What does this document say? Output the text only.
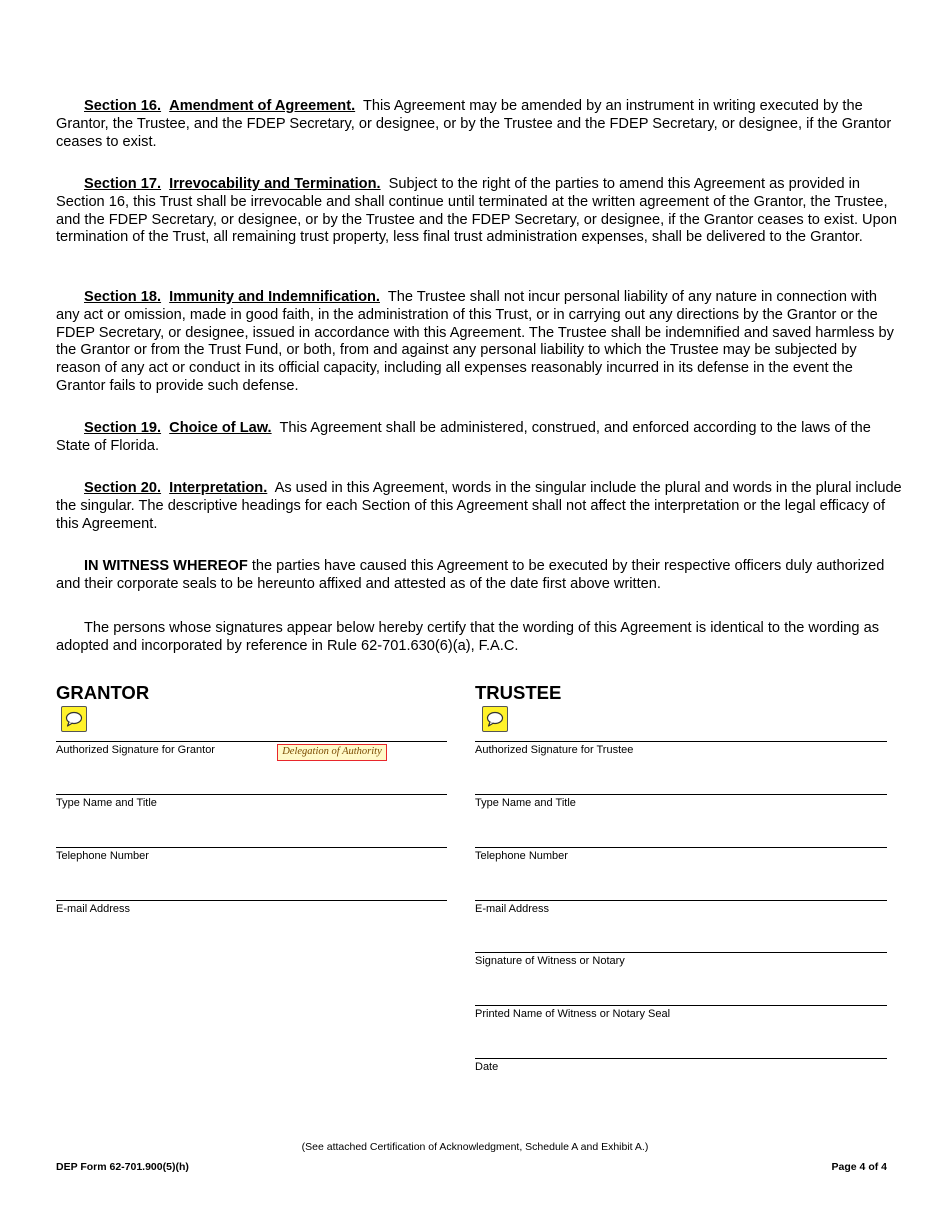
Section 16. Amendment of Agreement. This Agreement may be amended by an instrument in writing executed by the Grantor, the Trustee, and the FDEP Secretary, or designee, or by the Trustee and the FDEP Secretary, or designee, if the Grantor ceases to exist.

Section 17. Irrevocability and Termination. Subject to the right of the parties to amend this Agreement as provided in Section 16, this Trust shall be irrevocable and shall continue until terminated at the written agreement of the Grantor, the Trustee, and the FDEP Secretary, or designee, or by the Trustee and the FDEP Secretary, or designee, if the Grantor ceases to exist. Upon termination of the Trust, all remaining trust property, less final trust administration expenses, shall be delivered to the Grantor.

Section 18. Immunity and Indemnification. The Trustee shall not incur personal liability of any nature in connection with any act or omission, made in good faith, in the administration of this Trust, or in carrying out any directions by the Grantor or the FDEP Secretary, or designee, issued in accordance with this Agreement. The Trustee shall be indemnified and saved harmless by the Grantor or from the Trust Fund, or both, from and against any personal liability to which the Trustee may be subjected by reason of any act or conduct in its official capacity, including all expenses reasonably incurred in its defense in the event the Grantor fails to provide such defense.

Section 19. Choice of Law. This Agreement shall be administered, construed, and enforced according to the laws of the State of Florida.

Section 20. Interpretation. As used in this Agreement, words in the singular include the plural and words in the plural include the singular. The descriptive headings for each Section of this Agreement shall not affect the interpretation or the legal efficacy of this Agreement.

IN WITNESS WHEREOF the parties have caused this Agreement to be executed by their respective officers duly authorized and their corporate seals to be hereunto affixed and attested as of the date first above written.

The persons whose signatures appear below hereby certify that the wording of this Agreement is identical to the wording as adopted and incorporated by reference in Rule 62-701.630(6)(a), F.A.C.

GRANTOR
Authorized Signature for Grantor	Delegation of Authority
Type Name and Title
Telephone Number
E-mail Address
TRUSTEE
Authorized Signature for Trustee
Type Name and Title
Telephone Number
E-mail Address
Signature of Witness or Notary
Printed Name of Witness or Notary Seal
Date
(See attached Certification of Acknowledgment, Schedule A and Exhibit A.)
DEP Form 62-701.900(5)(h)	Page 4 of 4
